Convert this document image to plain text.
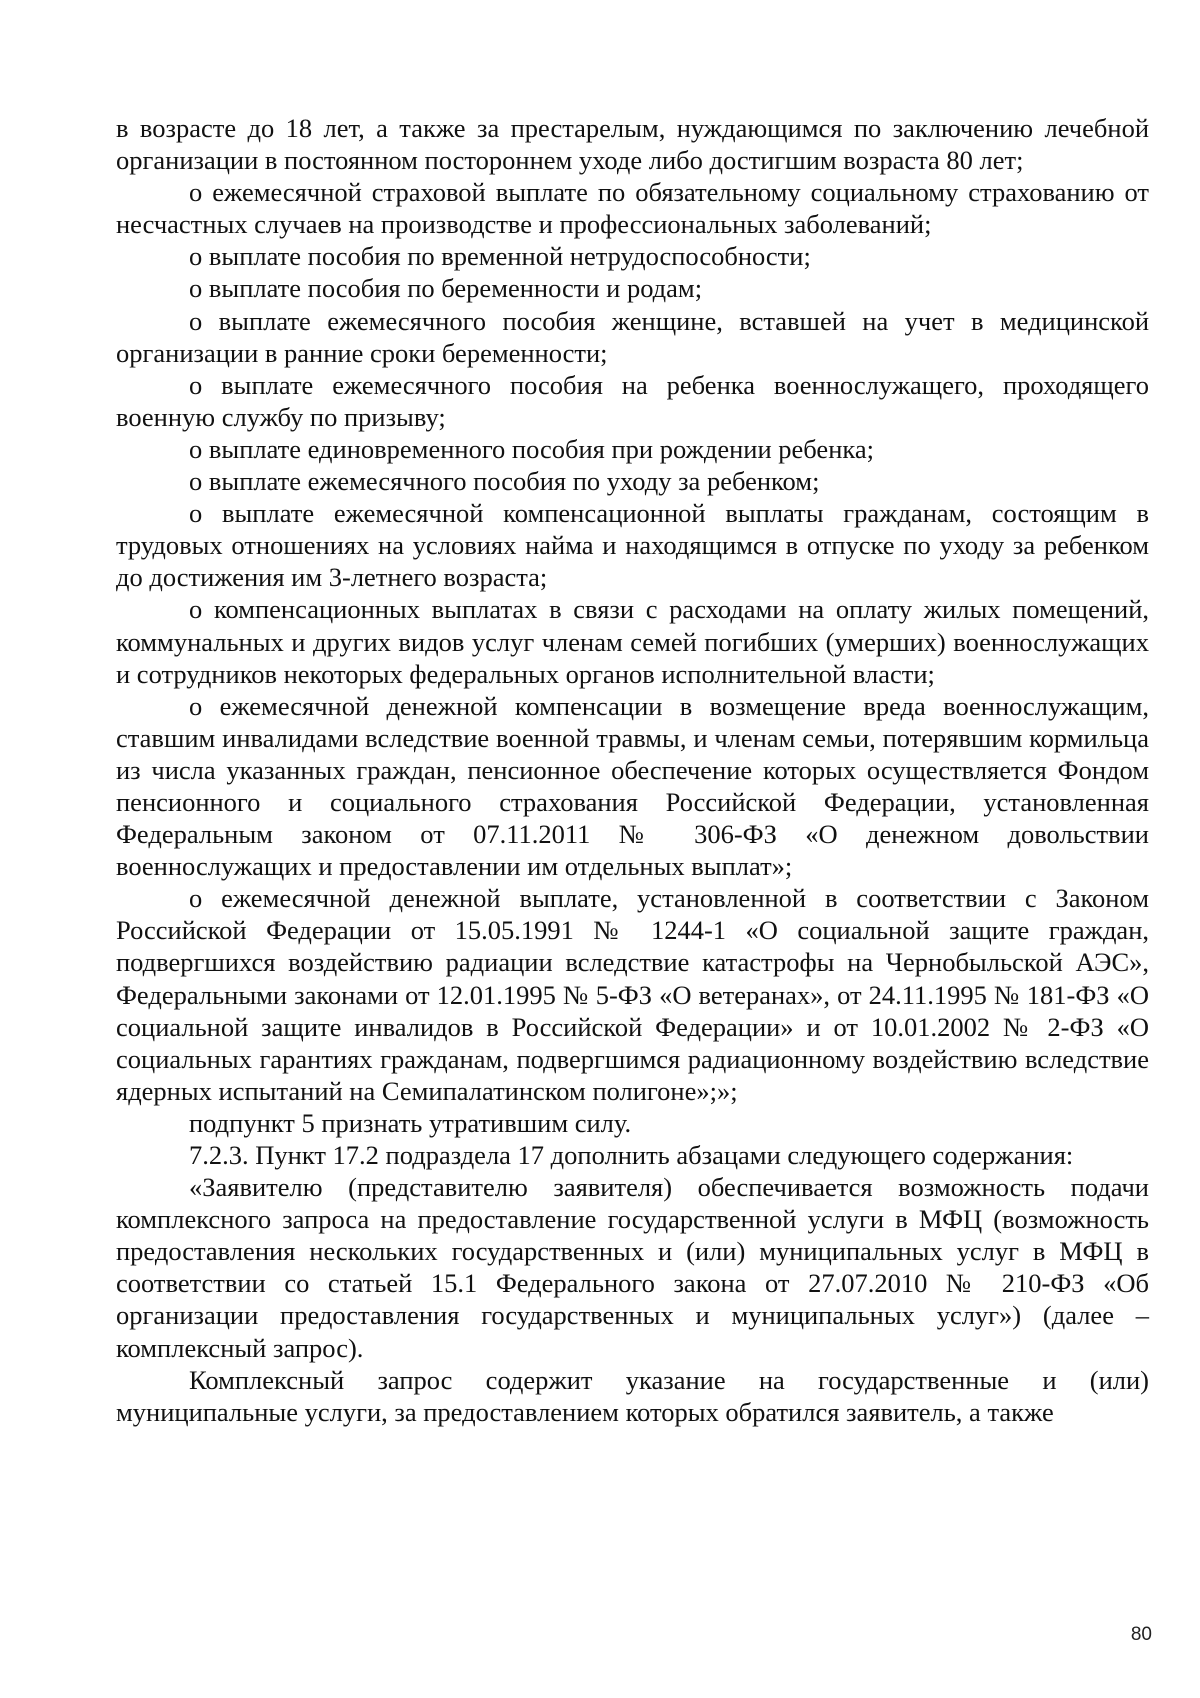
в возрасте до 18 лет, а также за престарелым, нуждающимся по заключению лечебной организации в постоянном постороннем уходе либо достигшим возраста 80 лет;

о ежемесячной страховой выплате по обязательному социальному страхованию от несчастных случаев на производстве и профессиональных заболеваний;

о выплате пособия по временной нетрудоспособности;

о выплате пособия по беременности и родам;

о выплате ежемесячного пособия женщине, вставшей на учет в медицинской организации в ранние сроки беременности;

о выплате ежемесячного пособия на ребенка военнослужащего, проходящего военную службу по призыву;

о выплате единовременного пособия при рождении ребенка;

о выплате ежемесячного пособия по уходу за ребенком;

о выплате ежемесячной компенсационной выплаты гражданам, состоящим в трудовых отношениях на условиях найма и находящимся в отпуске по уходу за ребенком до достижения им 3-летнего возраста;

о компенсационных выплатах в связи с расходами на оплату жилых помещений, коммунальных и других видов услуг членам семей погибших (умерших) военнослужащих и сотрудников некоторых федеральных органов исполнительной власти;

о ежемесячной денежной компенсации в возмещение вреда военнослужащим, ставшим инвалидами вследствие военной травмы, и членам семьи, потерявшим кормильца из числа указанных граждан, пенсионное обеспечение которых осуществляется Фондом пенсионного и социального страхования Российской Федерации, установленная Федеральным законом от 07.11.2011 № 306-ФЗ «О денежном довольствии военнослужащих и предоставлении им отдельных выплат»;

о ежемесячной денежной выплате, установленной в соответствии с Законом Российской Федерации от 15.05.1991 № 1244-1 «О социальной защите граждан, подвергшихся воздействию радиации вследствие катастрофы на Чернобыльской АЭС», Федеральными законами от 12.01.1995 № 5-ФЗ «О ветеранах», от 24.11.1995 № 181-ФЗ «О социальной защите инвалидов в Российской Федерации» и от 10.01.2002 № 2-ФЗ «О социальных гарантиях гражданам, подвергшимся радиационному воздействию вследствие ядерных испытаний на Семипалатинском полигоне»;»;

подпункт 5 признать утратившим силу.

7.2.3. Пункт 17.2 подраздела 17 дополнить абзацами следующего содержания:

«Заявителю (представителю заявителя) обеспечивается возможность подачи комплексного запроса на предоставление государственной услуги в МФЦ (возможность предоставления нескольких государственных и (или) муниципальных услуг в МФЦ в соответствии со статьей 15.1 Федерального закона от 27.07.2010 № 210-ФЗ «Об организации предоставления государственных и муниципальных услуг») (далее – комплексный запрос).

Комплексный запрос содержит указание на государственные и (или) муниципальные услуги, за предоставлением которых обратился заявитель, а также

80
